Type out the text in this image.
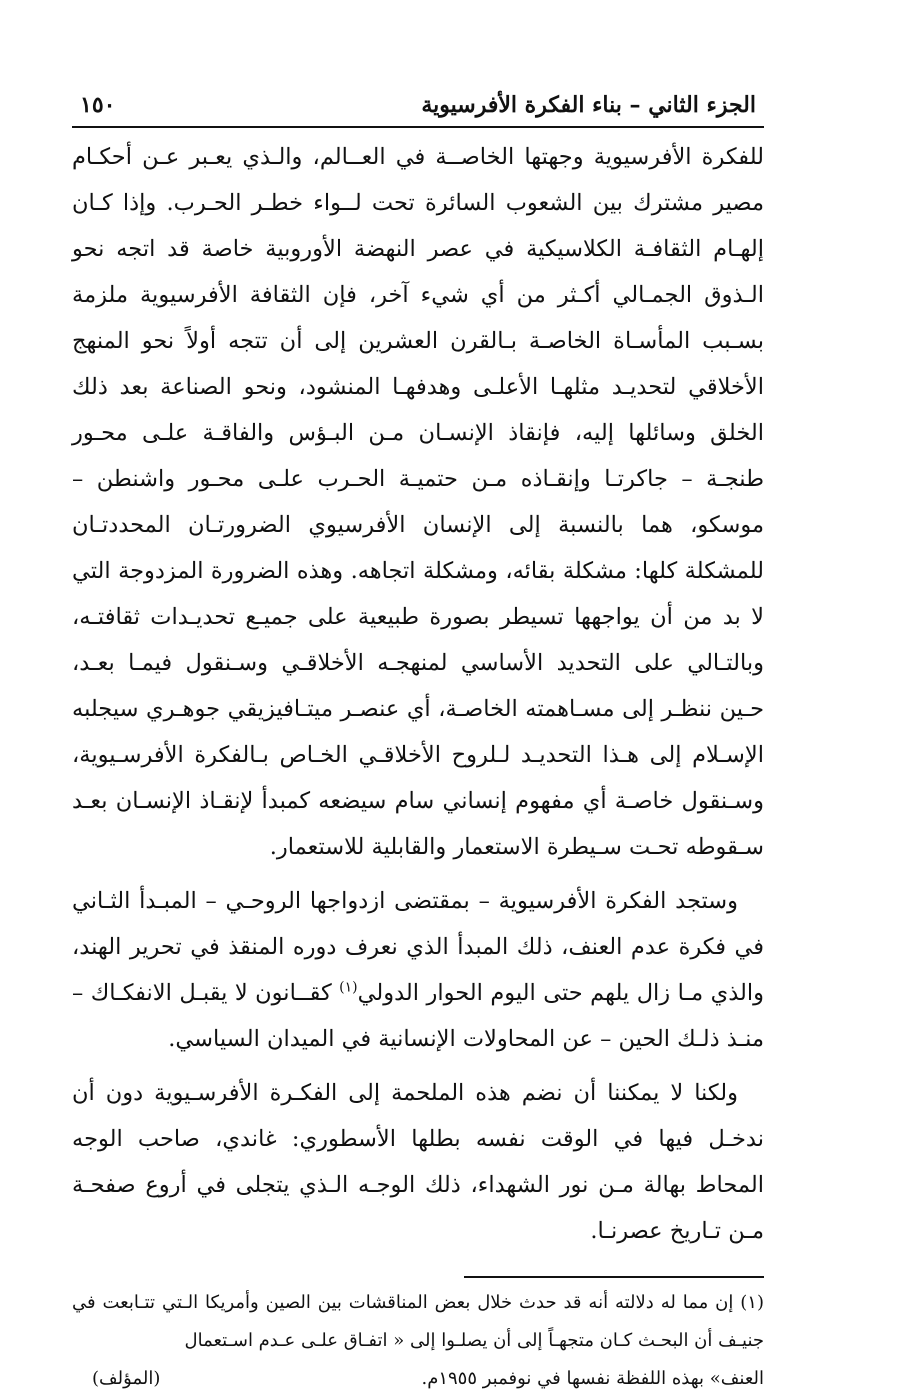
الجزء الثاني – بناء الفكرة الأفرسيوية
١٥٠

للفكرة الأفرسيوية وجهتها الخاصــة في العــالم، والـذي يعـبر عـن أحكـام مصير مشترك بين الشعوب السائرة تحت لــواء خطـر الحـرب. وإذا كـان إلهـام الثقافـة الكلاسيكية في عصر النهضة الأوروبية خاصة قد اتجه نحو الـذوق الجمـالي أكـثر من أي شيء آخر، فإن الثقافة الأفرسيوية ملزمة بسـبب المأسـاة الخاصـة بـالقرن العشرين إلى أن تتجه أولاً نحو المنهج الأخلاقي لتحديـد مثلهـا الأعلـى وهدفهـا المنشود، ونحو الصناعة بعد ذلك الخلق وسائلها إليه، فإنقاذ الإنسـان مـن البـؤس والفاقـة علـى محـور طنجـة – جاكرتـا وإنقـاذه مـن حتميـة الحـرب علـى محـور واشنطن – موسكو، هما بالنسبة إلى الإنسان الأفرسيوي الضرورتـان المحددتـان للمشكلة كلها: مشكلة بقائه، ومشكلة اتجاهه. وهذه الضرورة المزدوجة التي لا بد من أن يواجهها تسيطر بصورة طبيعية على جميـع تحديـدات ثقافتـه، وبالتـالي على التحديد الأساسي لمنهجـه الأخلاقـي وسـنقول فيمـا بعـد، حـين ننظـر إلى مسـاهمته الخاصـة، أي عنصـر ميتـافيزيقي جوهـري سيجلبه الإسـلام إلى هـذا التحديـد لـلروح الأخلاقـي الخـاص بـالفكرة الأفرسـيوية، وسـنقول خاصـة أي مفهوم إنساني سام سيضعه كمبدأ لإنقـاذ الإنسـان بعـد سـقوطه تحـت سـيطرة الاستعمار والقابلية للاستعمار.

وستجد الفكرة الأفرسيوية – بمقتضى ازدواجها الروحـي – المبـدأ الثـاني في فكرة عدم العنف، ذلك المبدأ الذي نعرف دوره المنقذ في تحرير الهند، والذي مـا زال يلهم حتى اليوم الحوار الدولي$^{(١)}$ كقــانون لا يقبـل الانفكـاك – منـذ ذلـك الحين – عن المحاولات الإنسانية في الميدان السياسي.

ولكنا لا يمكننا أن نضم هذه الملحمة إلى الفكـرة الأفرسـيوية دون أن ندخـل فيها في الوقت نفسه بطلها الأسطوري: غاندي، صاحب الوجه المحاط بهالة مـن نور الشهداء، ذلك الوجـه الـذي يتجلى في أروع صفحـة مـن تـاريخ عصرنـا.

(١) إن مما له دلالته أنه قد حدث خلال بعض المناقشات بين الصين وأمريكا الـتي تتـابعت في جنيـف أن البحـث كـان متجهـاً إلى أن يصلـوا إلى « اتفـاق علـى عـدم اسـتعمال
العنف» بهذه اللفظة نفسها في نوفمبر ١٩٥٥م.
(المؤلف)
